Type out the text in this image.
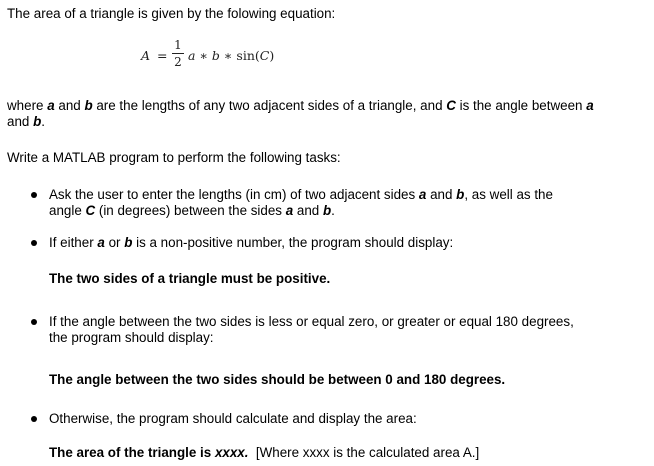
The area of a triangle is given by the folowing equation:
A =
1
2 a ∗ b ∗ sin(C)
where a and b are the lengths of any two adjacent sides of a triangle, and C is the angle between a
and b.
Write a MATLAB program to perform the following tasks:
Ask the user to enter the lengths (in cm) of two adjacent sides a and b, as well as the
angle C (in degrees) between the sides a and b.
If either a or b is a non-positive number, the program should display:
The two sides of a triangle must be positive.
If the angle between the two sides is less or equal zero, or greater or equal 180 degrees,
the program should display:
The angle between the two sides should be between 0 and 180 degrees.
Otherwise, the program should calculate and display the area:
The area of the triangle is xxxx.  [Where xxxx is the calculated area A.]
